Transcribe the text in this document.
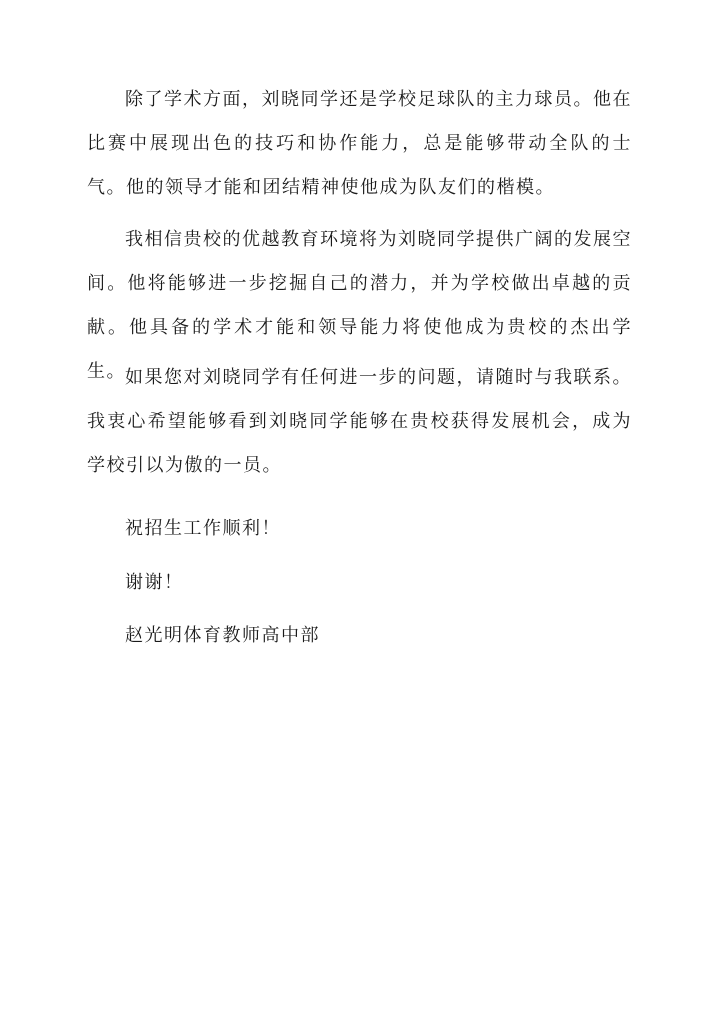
除了学术方面，刘晓同学还是学校足球队的主力球员。他在比赛中展现出色的技巧和协作能力，总是能够带动全队的士气。他的领导才能和团结精神使他成为队友们的楷模。

我相信贵校的优越教育环境将为刘晓同学提供广阔的发展空间。他将能够进一步挖掘自己的潜力，并为学校做出卓越的贡献。他具备的学术才能和领导能力将使他成为贵校的杰出学生。 如果您对刘晓同学有任何进一步的问题，请随时与我联系。我衷心希望能够看到刘晓同学能够在贵校获得发展机会，成为学校引以为傲的一员。

祝招生工作顺利！

谢谢！

赵光明体育教师高中部
